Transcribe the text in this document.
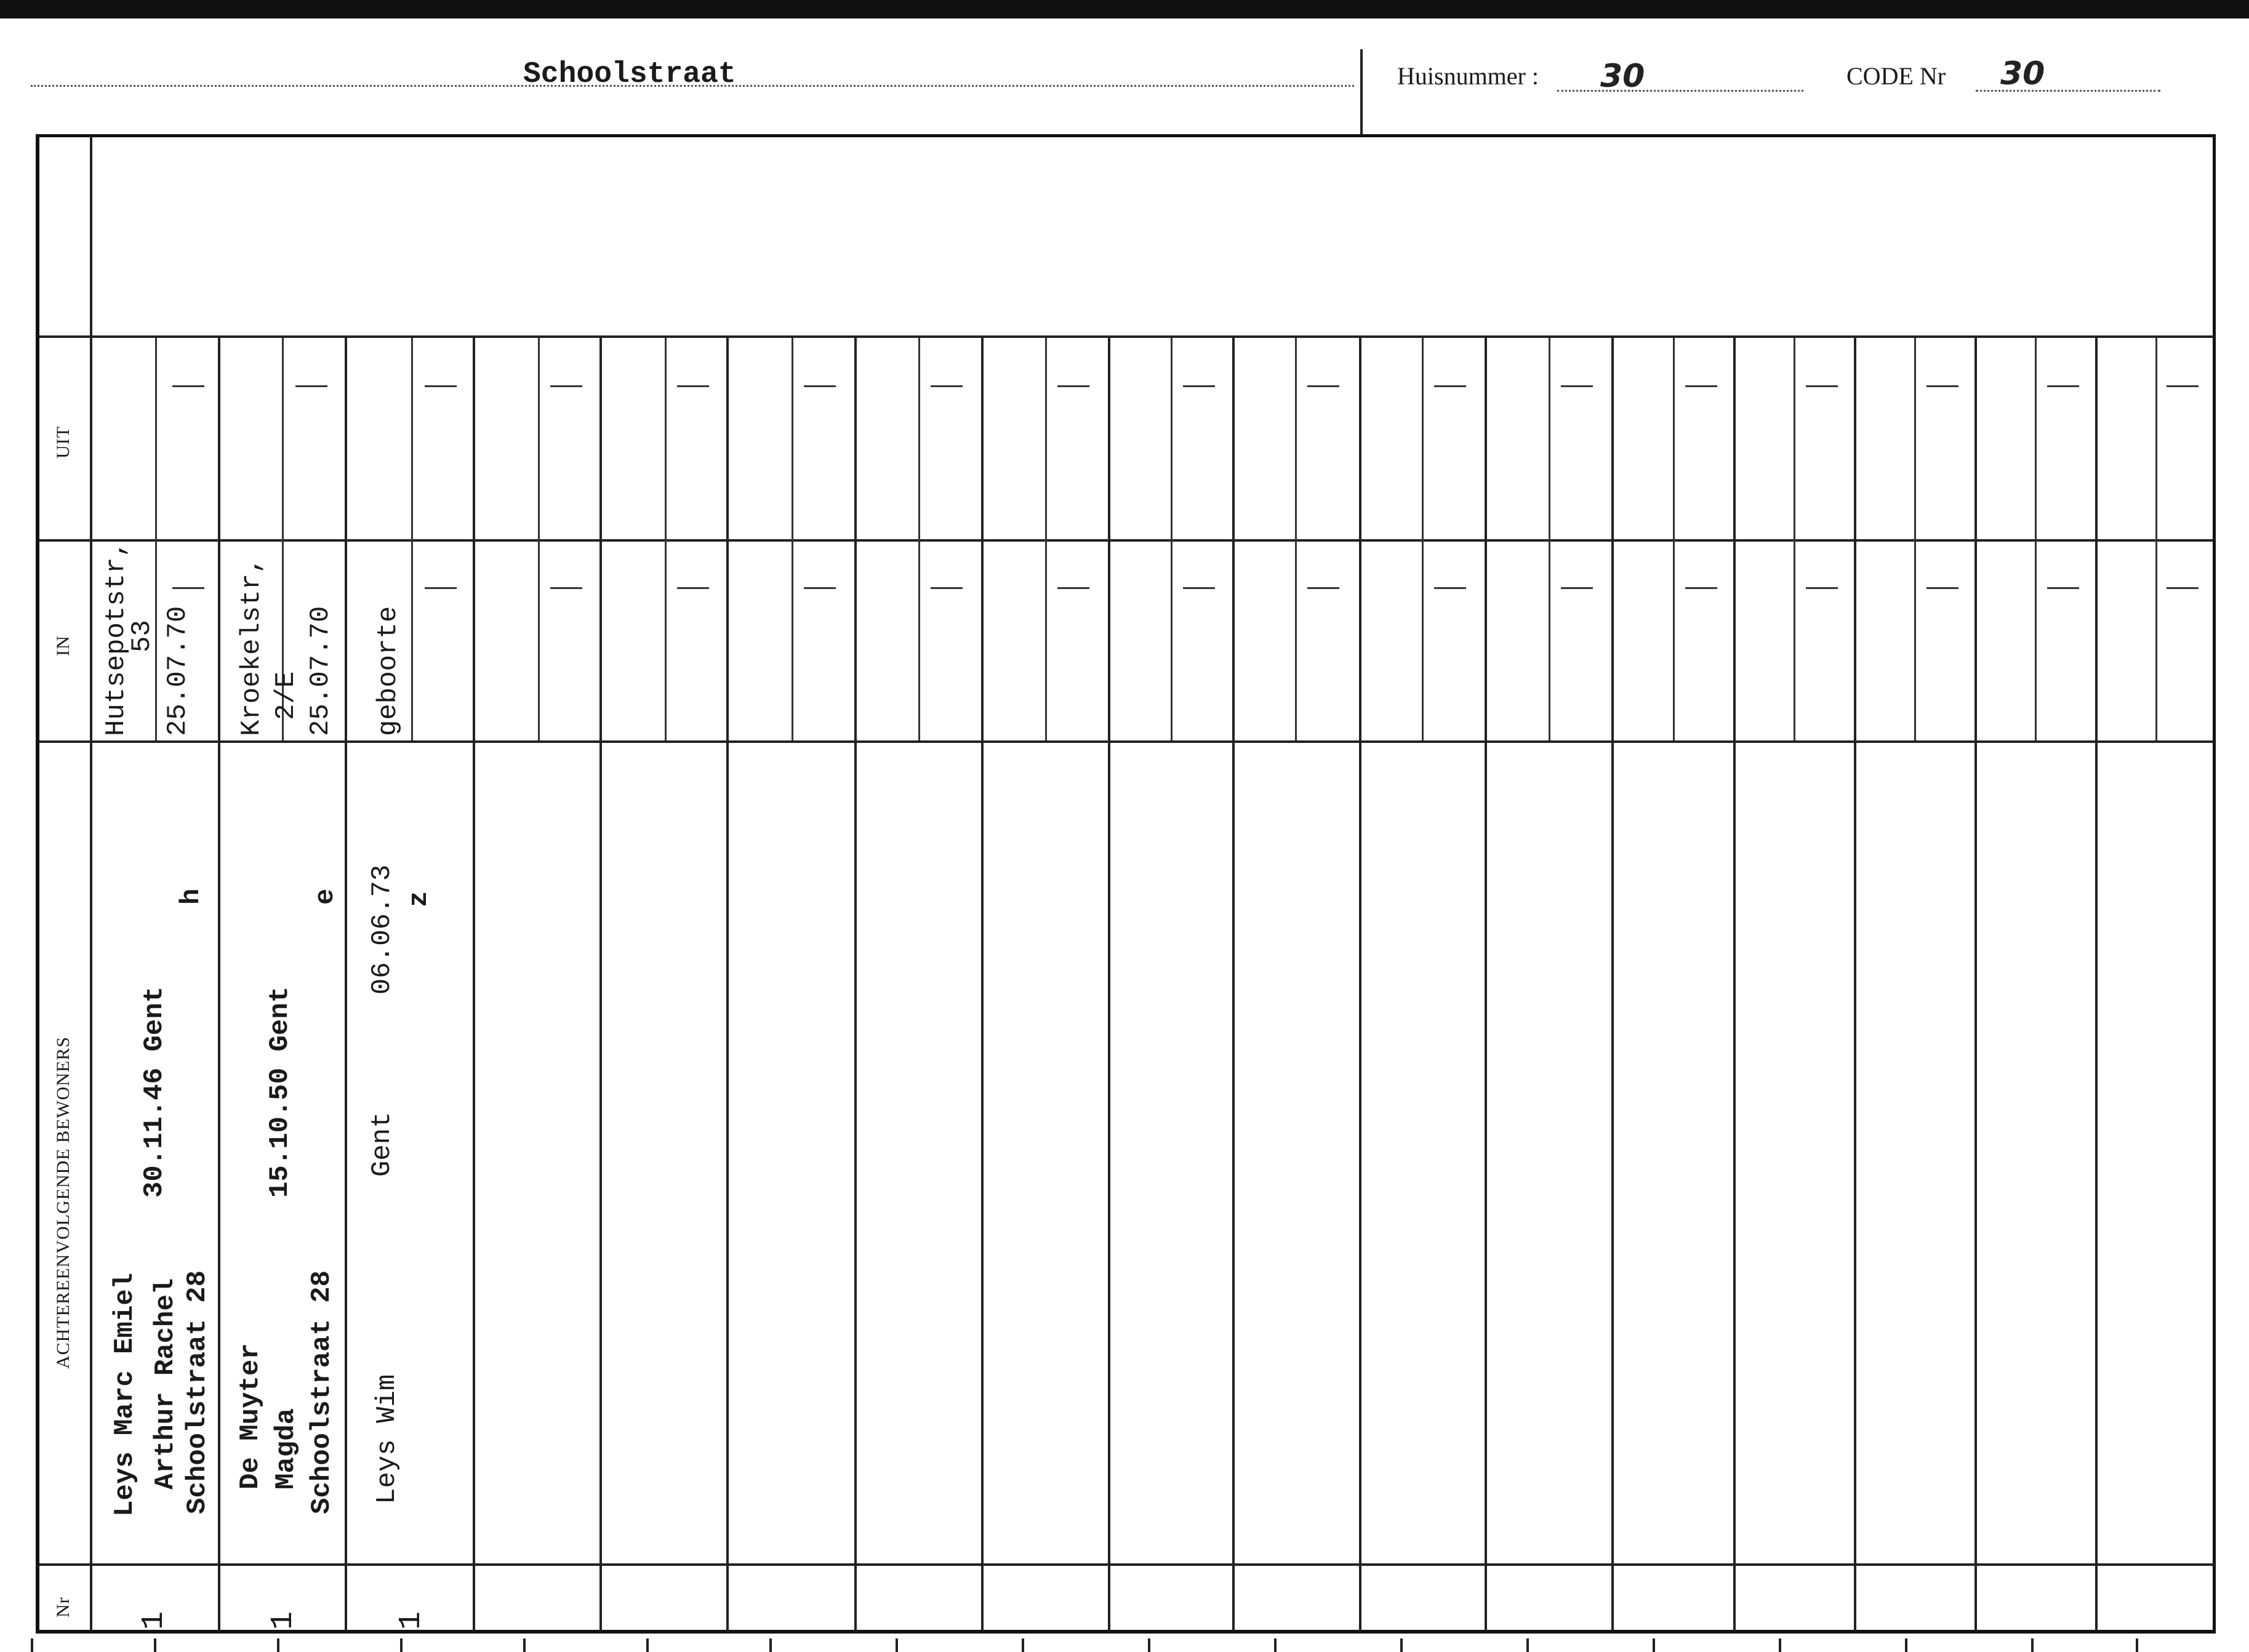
Schoolstraat	Huisnummer : 30	CODE Nr 30
UIT
IN
ACHTEREENVOLGENDE BEWONERS
Nr
Hutsepotstr,
53 25.07.70
Leys Marc Emiel Arthur Rachel Schoolstraat 28
30.11.46 Gent
h
1
Kroekelstr, 2/E 25.07.70
De Muyter Magda Schoolstraat 28
15.10.50 Gent
e
1
geboorte
Leys Wim
Gent
06.06.73 z
1
